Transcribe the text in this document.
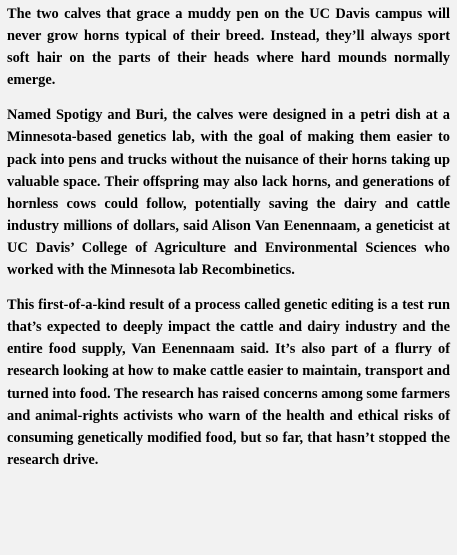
The two calves that grace a muddy pen on the UC Davis campus will never grow horns typical of their breed. Instead, they’ll always sport soft hair on the parts of their heads where hard mounds normally emerge.

Named Spotigy and Buri, the calves were designed in a petri dish at a Minnesota-based genetics lab, with the goal of making them easier to pack into pens and trucks without the nuisance of their horns taking up valuable space. Their offspring may also lack horns, and generations of hornless cows could follow, potentially saving the dairy and cattle industry millions of dollars, said Alison Van Eenennaam, a geneticist at UC Davis’ College of Agriculture and Environmental Sciences who worked with the Minnesota lab Recombinetics.

This first-of-a-kind result of a process called genetic editing is a test run that’s expected to deeply impact the cattle and dairy industry and the entire food supply, Van Eenennaam said. It’s also part of a flurry of research looking at how to make cattle easier to maintain, transport and turned into food. The research has raised concerns among some farmers and animal-rights activists who warn of the health and ethical risks of consuming genetically modified food, but so far, that hasn’t stopped the research drive.
